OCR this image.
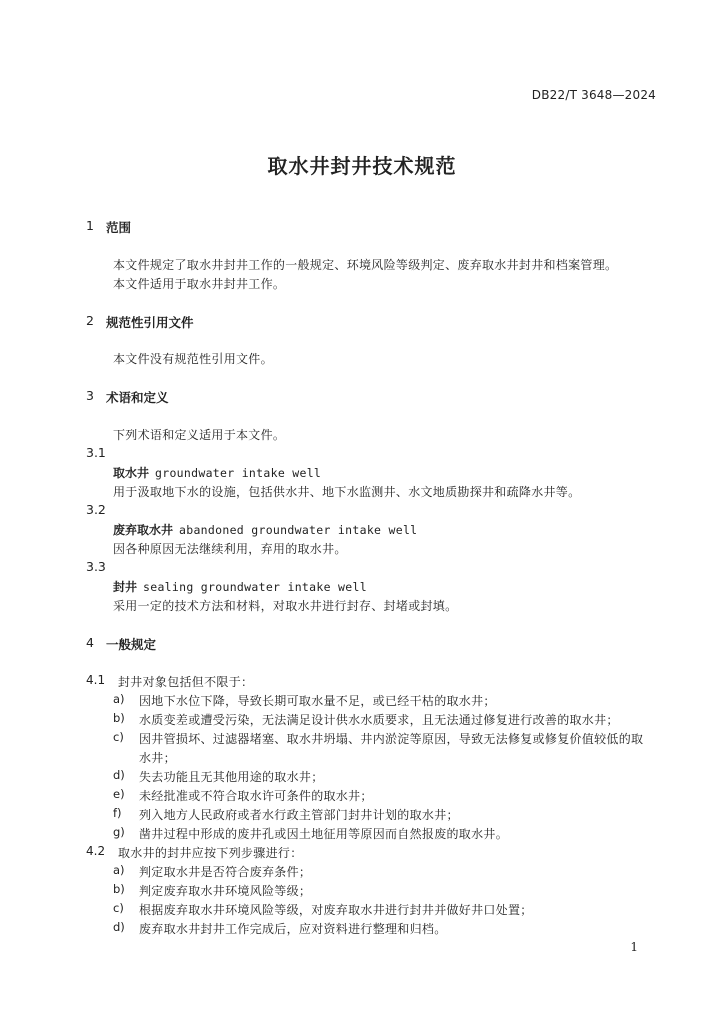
DB22/T 3648—2024
取水井封井技术规范
1 范围
本文件规定了取水井封井工作的一般规定、环境风险等级判定、废弃取水井封井和档案管理。
本文件适用于取水井封井工作。
2 规范性引用文件
本文件没有规范性引用文件。
3 术语和定义
下列术语和定义适用于本文件。
3.1
取水井 groundwater intake well
用于汲取地下水的设施，包括供水井、地下水监测井、水文地质勘探井和疏降水井等。
3.2
废弃取水井 abandoned groundwater intake well
因各种原因无法继续利用，弃用的取水井。
3.3
封井 sealing groundwater intake well
采用一定的技术方法和材料，对取水井进行封存、封堵或封填。
4 一般规定
4.1 封井对象包括但不限于：
a) 因地下水位下降，导致长期可取水量不足，或已经干枯的取水井；
b) 水质变差或遭受污染，无法满足设计供水水质要求，且无法通过修复进行改善的取水井；
c) 因井管损坏、过滤器堵塞、取水井坍塌、井内淤淀等原因，导致无法修复或修复价值较低的取
水井；
d) 失去功能且无其他用途的取水井；
e) 未经批准或不符合取水许可条件的取水井；
f) 列入地方人民政府或者水行政主管部门封井计划的取水井；
g) 凿井过程中形成的废井孔或因土地征用等原因而自然报废的取水井。
4.2 取水井的封井应按下列步骤进行：
a) 判定取水井是否符合废弃条件；
b) 判定废弃取水井环境风险等级；
c) 根据废弃取水井环境风险等级，对废弃取水井进行封井并做好井口处置；
d) 废弃取水井封井工作完成后，应对资料进行整理和归档。
1
